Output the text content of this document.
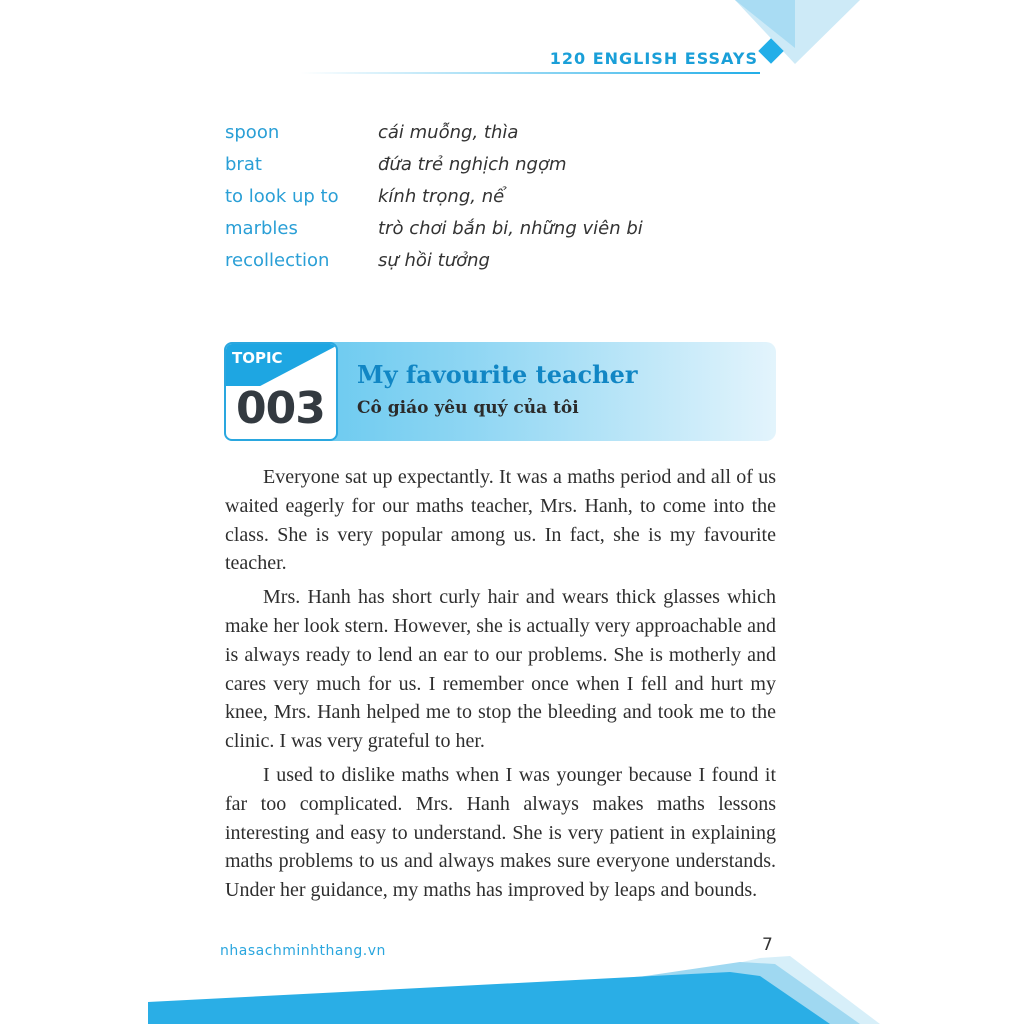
120 ENGLISH ESSAYS
spoon	cái muỗng, thìa
brat	đứa trẻ nghịch ngợm
to look up to	kính trọng, nể
marbles	trò chơi bắn bi, những viên bi
recollection	sự hồi tưởng
TOPIC
003
My favourite teacher
Cô giáo yêu quý của tôi

Everyone sat up expectantly. It was a maths period and all of us waited eagerly for our maths teacher, Mrs. Hanh, to come into the class. She is very popular among us. In fact, she is my favourite teacher.

Mrs. Hanh has short curly hair and wears thick glasses which make her look stern. However, she is actually very approachable and is always ready to lend an ear to our problems. She is motherly and cares very much for us. I remember once when I fell and hurt my knee, Mrs. Hanh helped me to stop the bleeding and took me to the clinic. I was very grateful to her.

I used to dislike maths when I was younger because I found it far too complicated. Mrs. Hanh always makes maths lessons interesting and easy to understand. She is very patient in explaining maths problems to us and always makes sure everyone understands. Under her guidance, my maths has improved by leaps and bounds.

nhasachminhthang.vn	7
